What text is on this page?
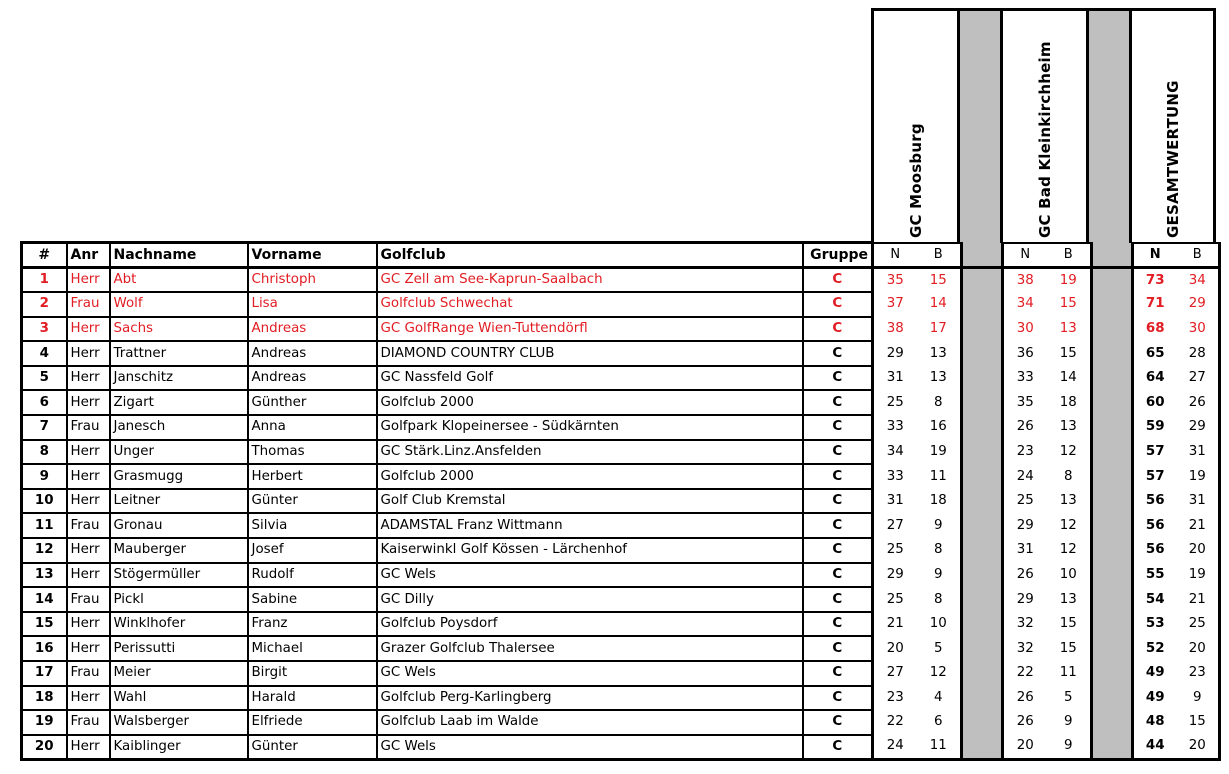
GC Moosburg	GC Bad Kleinkirchheim	GESAMTWERTUNG
#	Anr	Nachname	Vorname	Golfclub	Gruppe	N	B		N	B		N	B
1	Herr	Abt	Christoph	GC Zell am See-Kaprun-Saalbach	C	35	15		38	19		73	34
2	Frau	Wolf	Lisa	Golfclub Schwechat	C	37	14		34	15		71	29
3	Herr	Sachs	Andreas	GC GolfRange Wien-Tuttendörfl	C	38	17		30	13		68	30
4	Herr	Trattner	Andreas	DIAMOND COUNTRY CLUB	C	29	13		36	15		65	28
5	Herr	Janschitz	Andreas	GC Nassfeld Golf	C	31	13		33	14		64	27
6	Herr	Zigart	Günther	Golfclub 2000	C	25	8		35	18		60	26
7	Frau	Janesch	Anna	Golfpark Klopeinersee - Südkärnten	C	33	16		26	13		59	29
8	Herr	Unger	Thomas	GC Stärk.Linz.Ansfelden	C	34	19		23	12		57	31
9	Herr	Grasmugg	Herbert	Golfclub 2000	C	33	11		24	8		57	19
10	Herr	Leitner	Günter	Golf Club Kremstal	C	31	18		25	13		56	31
11	Frau	Gronau	Silvia	ADAMSTAL Franz Wittmann	C	27	9		29	12		56	21
12	Herr	Mauberger	Josef	Kaiserwinkl Golf Kössen - Lärchenhof	C	25	8		31	12		56	20
13	Herr	Stögermüller	Rudolf	GC Wels	C	29	9		26	10		55	19
14	Frau	Pickl	Sabine	GC Dilly	C	25	8		29	13		54	21
15	Herr	Winklhofer	Franz	Golfclub Poysdorf	C	21	10		32	15		53	25
16	Herr	Perissutti	Michael	Grazer Golfclub Thalersee	C	20	5		32	15		52	20
17	Frau	Meier	Birgit	GC Wels	C	27	12		22	11		49	23
18	Herr	Wahl	Harald	Golfclub Perg-Karlingberg	C	23	4		26	5		49	9
19	Frau	Walsberger	Elfriede	Golfclub Laab im Walde	C	22	6		26	9		48	15
20	Herr	Kaiblinger	Günter	GC Wels	C	24	11		20	9		44	20
